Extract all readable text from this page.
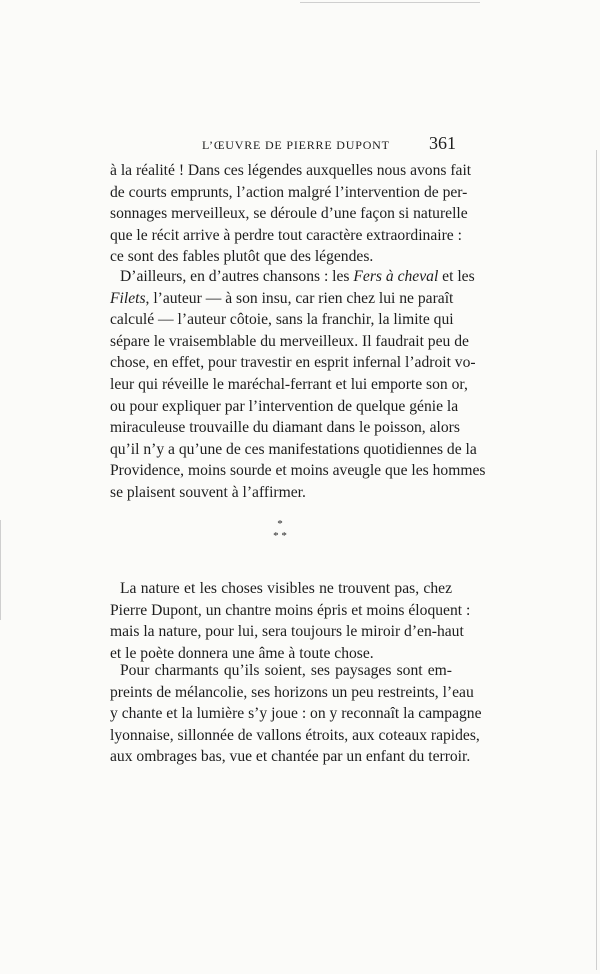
L’ŒUVRE DE PIERRE DUPONT 361
à la réalité ! Dans ces légendes auxquelles nous avons fait
de courts emprunts, l’action malgré l’intervention de per-
sonnages merveilleux, se déroule d’une façon si naturelle
que le récit arrive à perdre tout caractère extraordinaire :
ce sont des fables plutôt que des légendes.
D’ailleurs, en d’autres chansons : les Fers à cheval et les
Filets, l’auteur — à son insu, car rien chez lui ne paraît
calculé — l’auteur côtoie, sans la franchir, la limite qui
sépare le vraisemblable du merveilleux. Il faudrait peu de
chose, en effet, pour travestir en esprit infernal l’adroit vo-
leur qui réveille le maréchal-ferrant et lui emporte son or,
ou pour expliquer par l’intervention de quelque génie la
miraculeuse trouvaille du diamant dans le poisson, alors
qu’il n’y a qu’une de ces manifestations quotidiennes de la
Providence, moins sourde et moins aveugle que les hommes
se plaisent souvent à l’affirmer.
*
* *
La nature et les choses visibles ne trouvent pas, chez
Pierre Dupont, un chantre moins épris et moins éloquent :
mais la nature, pour lui, sera toujours le miroir d’en-haut
et le poète donnera une âme à toute chose.
Pour charmants qu’ils soient, ses paysages sont em-
preints de mélancolie, ses horizons un peu restreints, l’eau
y chante et la lumière s’y joue : on y reconnaît la campagne
lyonnaise, sillonnée de vallons étroits, aux coteaux rapides,
aux ombrages bas, vue et chantée par un enfant du terroir.
